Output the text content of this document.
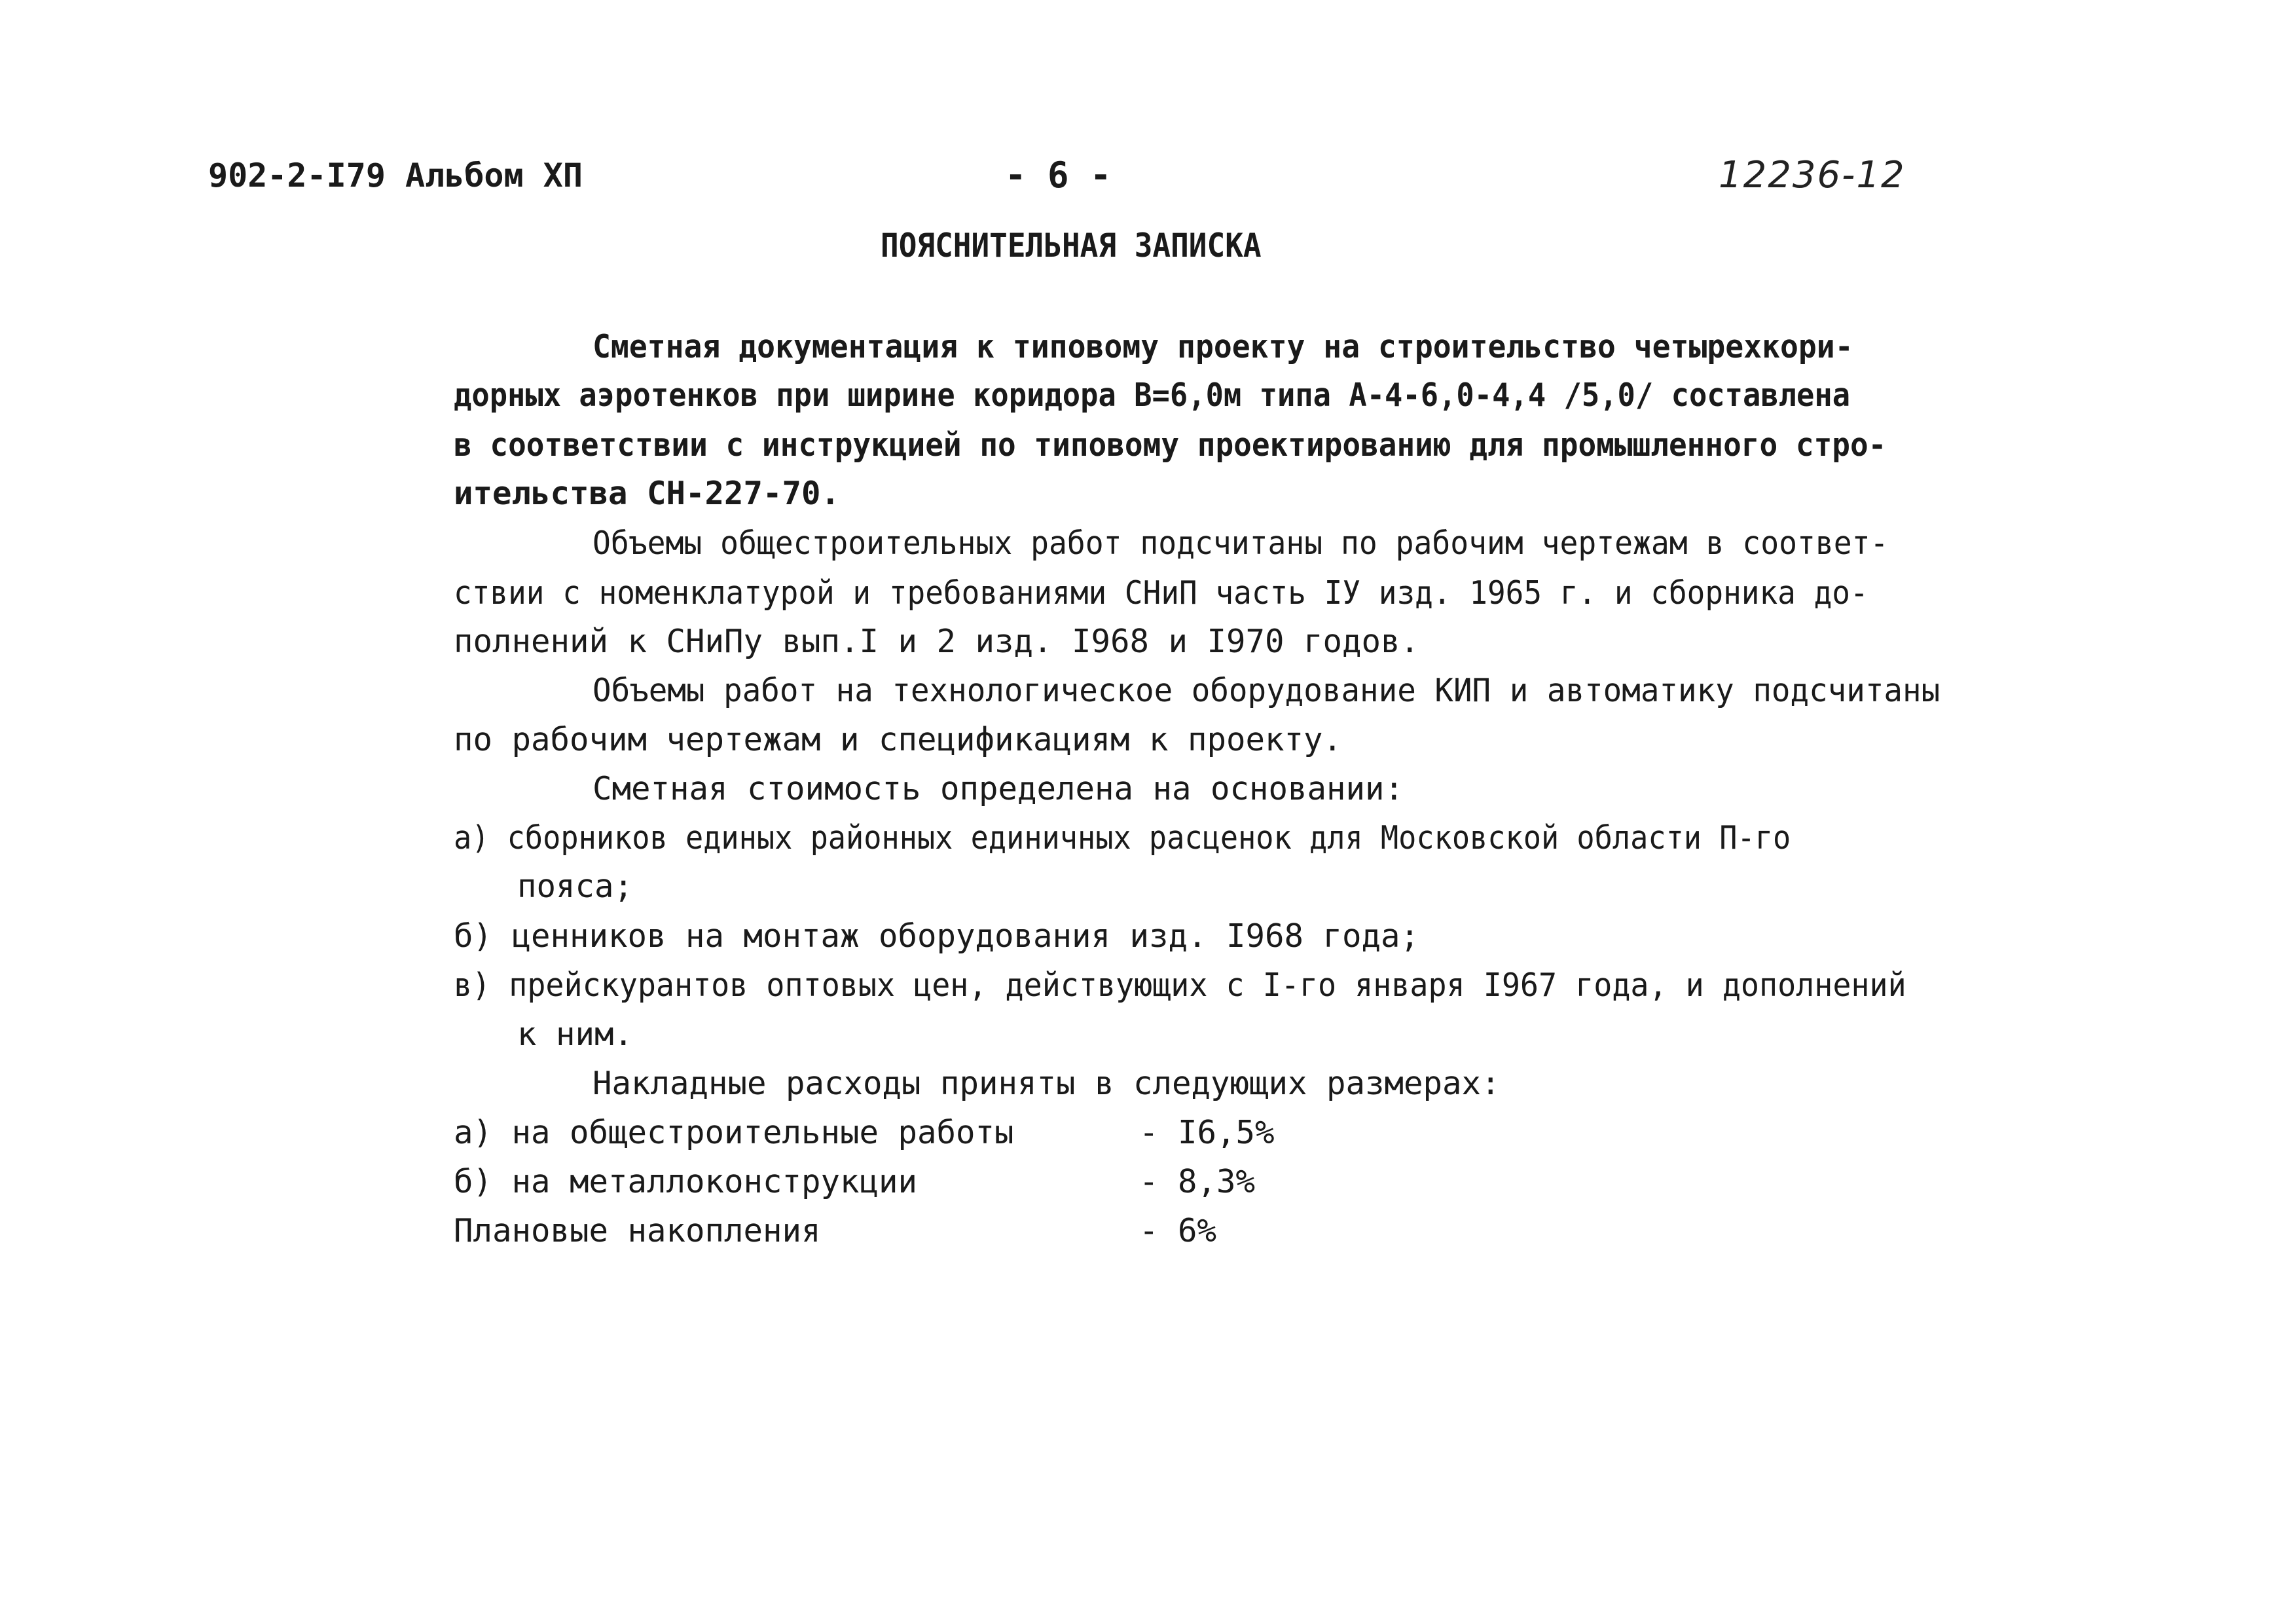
902-2-I79 Альбом XП	- 6 -	12236-12
ПОЯСНИТЕЛЬНАЯ ЗАПИСКА
Сметная документация к типовому проекту на строительство четырехкори-
дорных аэротенков при ширине коридора В=6,0м типа А-4-6,0-4,4 /5,0/ составлена
в соответствии с инструкцией по типовому проектированию для промышленного стро-
ительства СН-227-70.
Объемы общестроительных работ подсчитаны по рабочим чертежам в соответ-
ствии с номенклатурой и требованиями СНиП часть IУ изд. 1965 г. и сборника до-
полнений к СНиПу вып.I и 2 изд. I968 и I970 годов.
Объемы работ на технологическое оборудование КИП и автоматику подсчитаны
по рабочим чертежам и спецификациям к проекту.
Сметная стоимость определена на основании:
а) сборников единых районных единичных расценок для Московской области П-го
пояса;
б) ценников на монтаж оборудования изд. I968 года;
в) прейскурантов оптовых цен, действующих с I-го января I967 года, и дополнений
к ним.
Накладные расходы приняты в следующих размерах:
а) на общестроительные работы	- I6,5%
б) на металлоконструкции	- 8,3%
Плановые накопления	- 6%
